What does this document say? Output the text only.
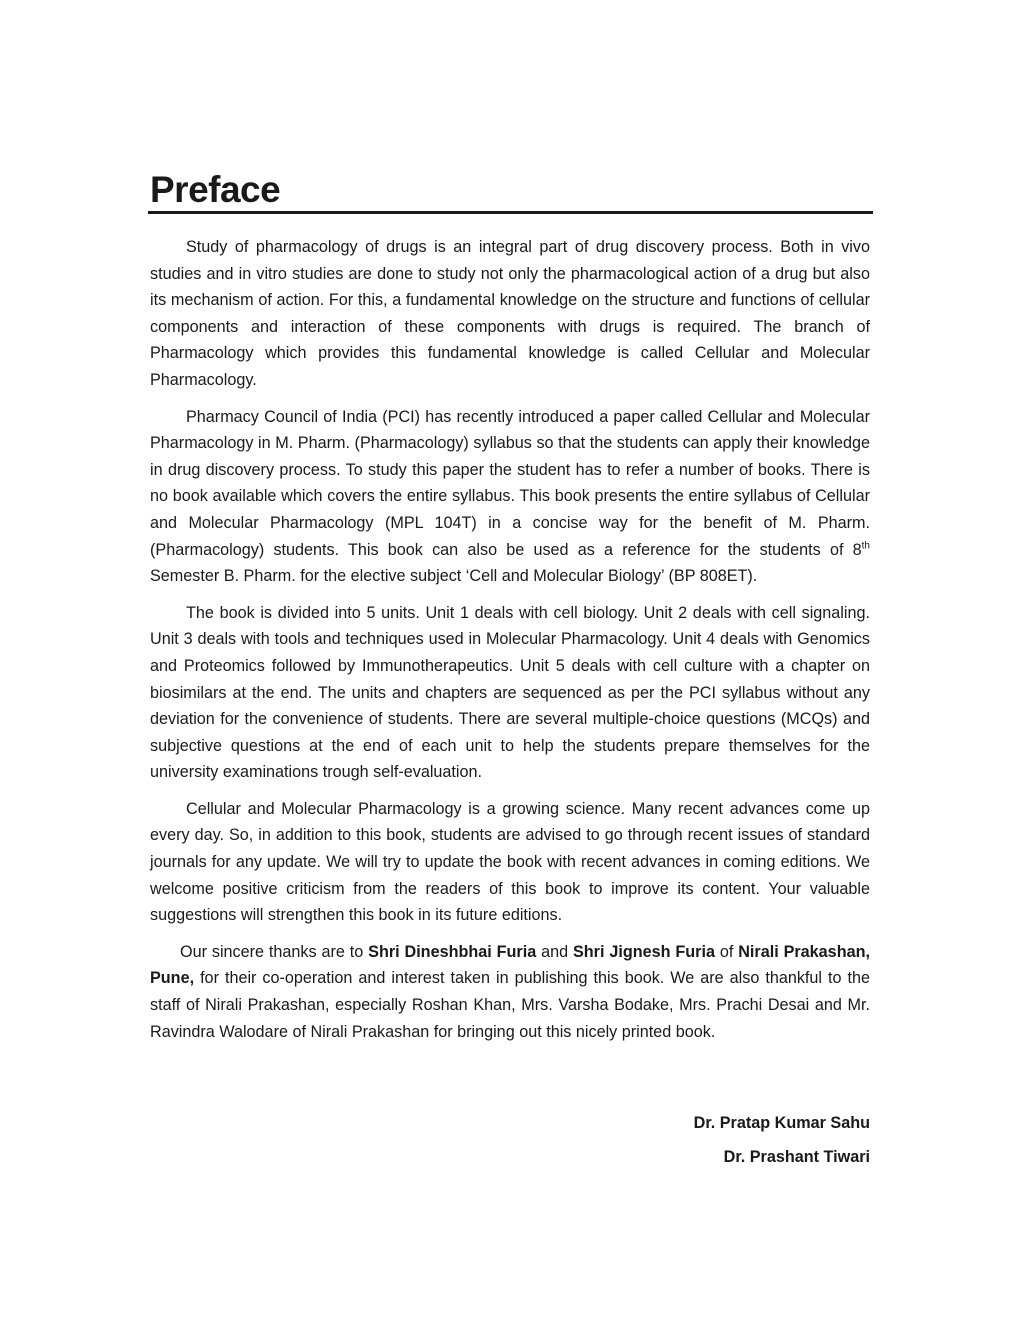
Preface

Study of pharmacology of drugs is an integral part of drug discovery process. Both in vivo studies and in vitro studies are done to study not only the pharmacological action of a drug but also its mechanism of action. For this, a fundamental knowledge on the structure and functions of cellular components and interaction of these components with drugs is required. The branch of Pharmacology which provides this fundamental knowledge is called Cellular and Molecular Pharmacology.

Pharmacy Council of India (PCI) has recently introduced a paper called Cellular and Molecular Pharmacology in M. Pharm. (Pharmacology) syllabus so that the students can apply their knowledge in drug discovery process. To study this paper the student has to refer a number of books. There is no book available which covers the entire syllabus. This book presents the entire syllabus of Cellular and Molecular Pharmacology (MPL 104T) in a concise way for the benefit of M. Pharm. (Pharmacology) students. This book can also be used as a reference for the students of 8th Semester B. Pharm. for the elective subject ‘Cell and Molecular Biology’ (BP 808ET).

The book is divided into 5 units. Unit 1 deals with cell biology. Unit 2 deals with cell signaling. Unit 3 deals with tools and techniques used in Molecular Pharmacology. Unit 4 deals with Genomics and Proteomics followed by Immunotherapeutics. Unit 5 deals with cell culture with a chapter on biosimilars at the end. The units and chapters are sequenced as per the PCI syllabus without any deviation for the convenience of students. There are several multiple-choice questions (MCQs) and subjective questions at the end of each unit to help the students prepare themselves for the university examinations trough self-evaluation.

Cellular and Molecular Pharmacology is a growing science. Many recent advances come up every day. So, in addition to this book, students are advised to go through recent issues of standard journals for any update. We will try to update the book with recent advances in coming editions. We welcome positive criticism from the readers of this book to improve its content. Your valuable suggestions will strengthen this book in its future editions.

Our sincere thanks are to Shri Dineshbhai Furia and Shri Jignesh Furia of Nirali Prakashan, Pune, for their co-operation and interest taken in publishing this book. We are also thankful to the staff of Nirali Prakashan, especially Roshan Khan, Mrs. Varsha Bodake, Mrs. Prachi Desai and Mr. Ravindra Walodare of Nirali Prakashan for bringing out this nicely printed book.

Dr. Pratap Kumar Sahu
Dr. Prashant Tiwari
